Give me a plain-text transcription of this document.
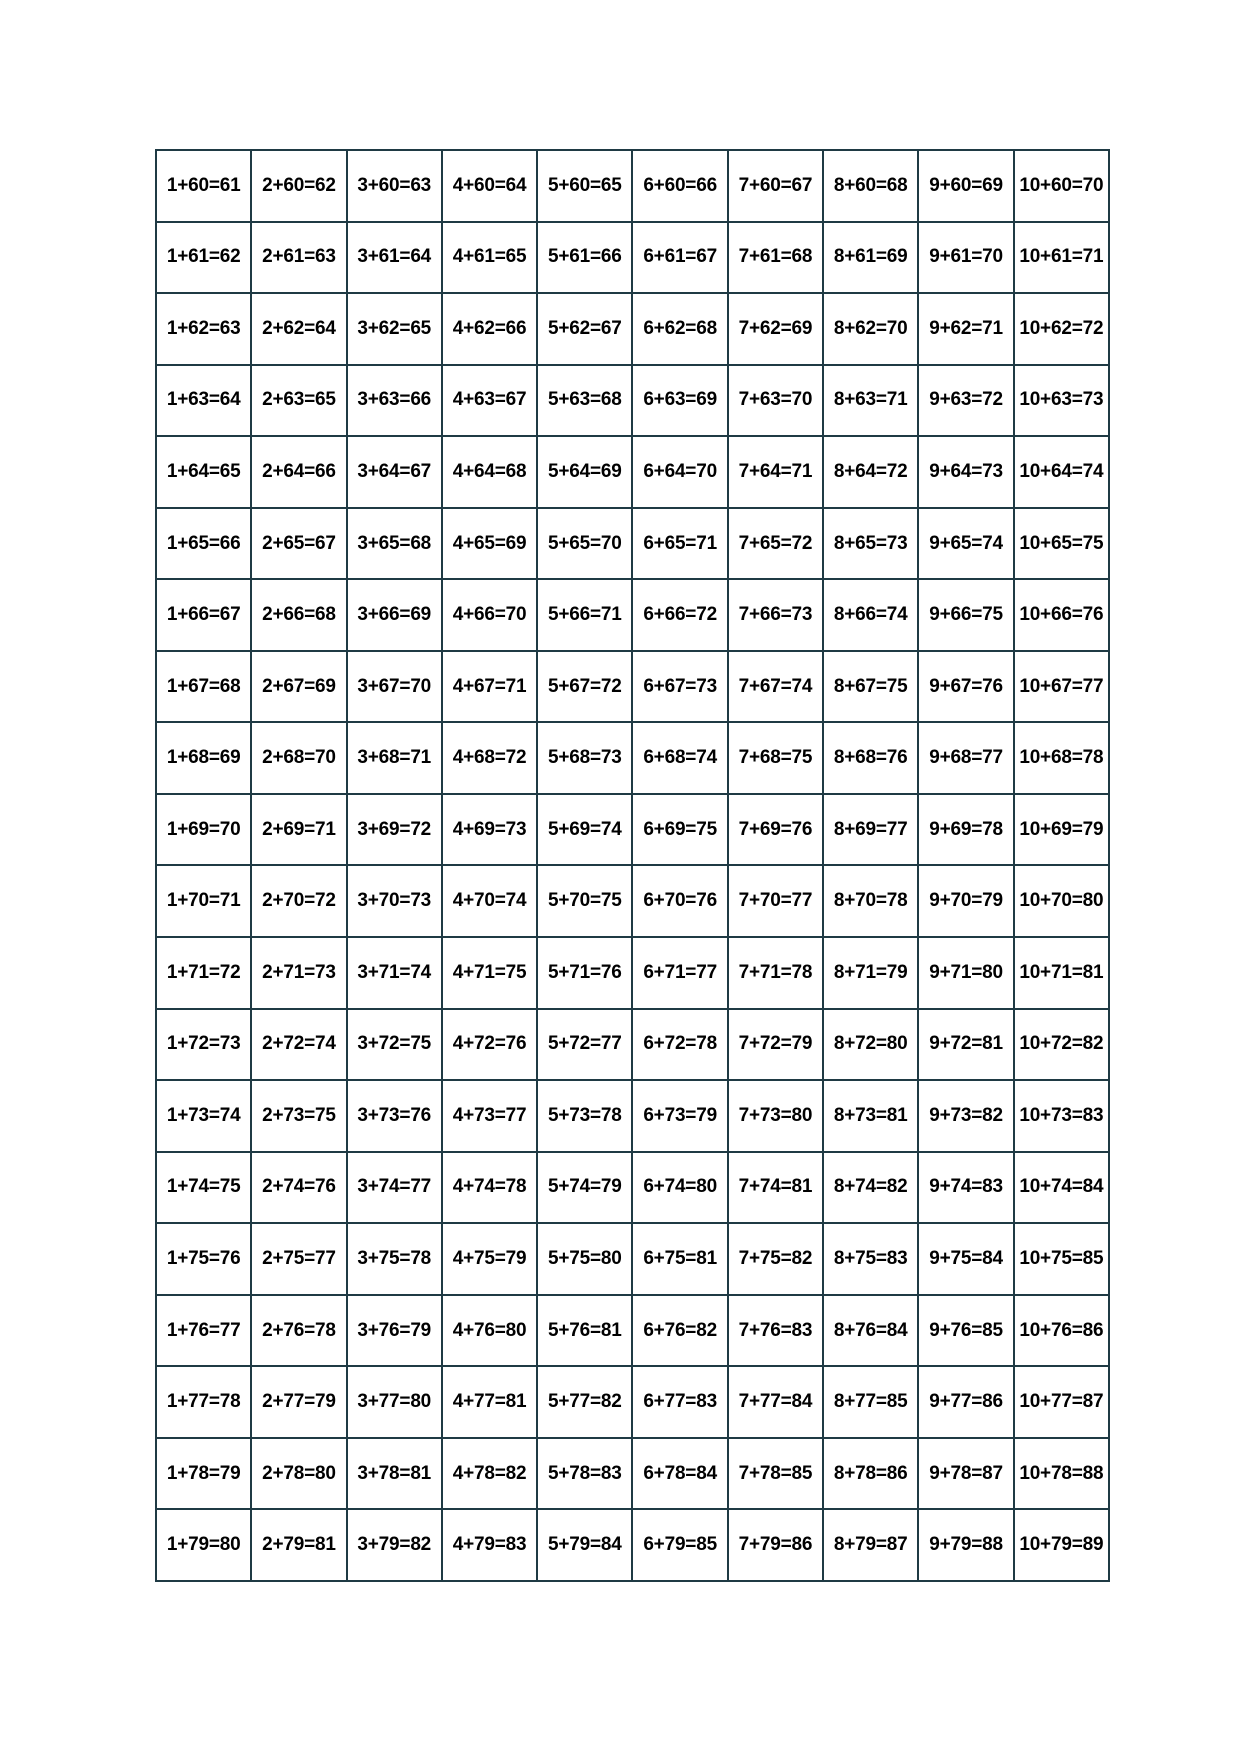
1+60=61	2+60=62	3+60=63	4+60=64	5+60=65	6+60=66	7+60=67	8+60=68	9+60=69	10+60=70
1+61=62	2+61=63	3+61=64	4+61=65	5+61=66	6+61=67	7+61=68	8+61=69	9+61=70	10+61=71
1+62=63	2+62=64	3+62=65	4+62=66	5+62=67	6+62=68	7+62=69	8+62=70	9+62=71	10+62=72
1+63=64	2+63=65	3+63=66	4+63=67	5+63=68	6+63=69	7+63=70	8+63=71	9+63=72	10+63=73
1+64=65	2+64=66	3+64=67	4+64=68	5+64=69	6+64=70	7+64=71	8+64=72	9+64=73	10+64=74
1+65=66	2+65=67	3+65=68	4+65=69	5+65=70	6+65=71	7+65=72	8+65=73	9+65=74	10+65=75
1+66=67	2+66=68	3+66=69	4+66=70	5+66=71	6+66=72	7+66=73	8+66=74	9+66=75	10+66=76
1+67=68	2+67=69	3+67=70	4+67=71	5+67=72	6+67=73	7+67=74	8+67=75	9+67=76	10+67=77
1+68=69	2+68=70	3+68=71	4+68=72	5+68=73	6+68=74	7+68=75	8+68=76	9+68=77	10+68=78
1+69=70	2+69=71	3+69=72	4+69=73	5+69=74	6+69=75	7+69=76	8+69=77	9+69=78	10+69=79
1+70=71	2+70=72	3+70=73	4+70=74	5+70=75	6+70=76	7+70=77	8+70=78	9+70=79	10+70=80
1+71=72	2+71=73	3+71=74	4+71=75	5+71=76	6+71=77	7+71=78	8+71=79	9+71=80	10+71=81
1+72=73	2+72=74	3+72=75	4+72=76	5+72=77	6+72=78	7+72=79	8+72=80	9+72=81	10+72=82
1+73=74	2+73=75	3+73=76	4+73=77	5+73=78	6+73=79	7+73=80	8+73=81	9+73=82	10+73=83
1+74=75	2+74=76	3+74=77	4+74=78	5+74=79	6+74=80	7+74=81	8+74=82	9+74=83	10+74=84
1+75=76	2+75=77	3+75=78	4+75=79	5+75=80	6+75=81	7+75=82	8+75=83	9+75=84	10+75=85
1+76=77	2+76=78	3+76=79	4+76=80	5+76=81	6+76=82	7+76=83	8+76=84	9+76=85	10+76=86
1+77=78	2+77=79	3+77=80	4+77=81	5+77=82	6+77=83	7+77=84	8+77=85	9+77=86	10+77=87
1+78=79	2+78=80	3+78=81	4+78=82	5+78=83	6+78=84	7+78=85	8+78=86	9+78=87	10+78=88
1+79=80	2+79=81	3+79=82	4+79=83	5+79=84	6+79=85	7+79=86	8+79=87	9+79=88	10+79=89
